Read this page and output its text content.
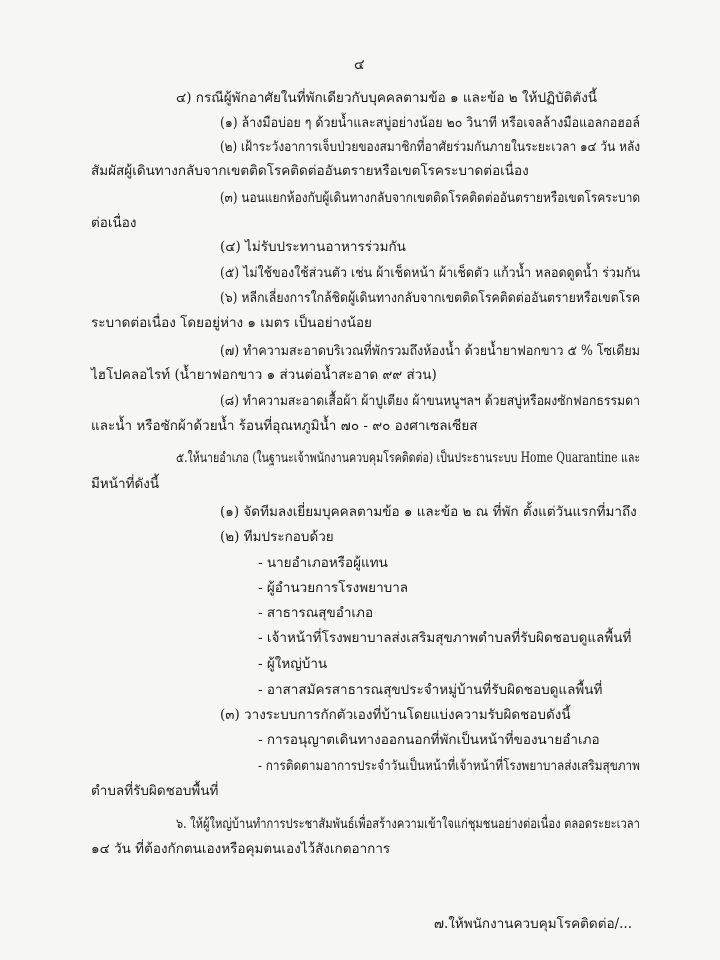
๔
๔) กรณีผู้พักอาศัยในที่พักเดียวกับบุคคลตามข้อ ๑ และข้อ ๒ ให้ปฏิบัติตังนี้
(๑) ล้างมือบ่อย ๆ ด้วยน้ำและสบู่อย่างน้อย ๒๐ วินาที หรือเจลล้างมือแอลกอฮอล์
(๒) เฝ้าระวังอาการเจ็บป่วยของสมาชิกที่อาศัยร่วมกันภายในระยะเวลา ๑๔ วัน หลัง
สัมผัสผู้เดินทางกลับจากเขตติดโรคติดต่ออันตรายหรือเขตโรคระบาดต่อเนื่อง
(๓) นอนแยกห้องกับผู้เดินทางกลับจากเขตติดโรคติดต่ออันตรายหรือเขตโรคระบาด
ต่อเนื่อง
(๔) ไม่รับประทานอาหารร่วมกัน
(๕) ไม่ใช้ของใช้ส่วนตัว เช่น ผ้าเช็ดหน้า ผ้าเช็ดตัว แก้วน้ำ หลอดดูดน้ำ ร่วมกัน
(๖) หลีกเลี่ยงการใกล้ชิดผู้เดินทางกลับจากเขตติดโรคติดต่ออันตรายหรือเขตโรค
ระบาดต่อเนื่อง โดยอยู่ห่าง ๑ เมตร เป็นอย่างน้อย
(๗) ทำความสะอาดบริเวณที่พักรวมถึงห้องน้ำ ด้วยน้ำยาฟอกขาว ๕ % โซเดียม
ไฮโปคลอไรท์ (น้ำยาฟอกขาว ๑ ส่วนต่อน้ำสะอาด ๙๙ ส่วน)
(๘) ทำความสะอาดเสื้อผ้า ผ้าปูเตียง ผ้าขนหนูฯลฯ ด้วยสบู่หรือผงซักฟอกธรรมดา
และน้ำ หรือซักผ้าด้วยน้ำ ร้อนที่อุณหภูมิน้ำ ๗๐ - ๙๐ องศาเซลเซียส
๕.ให้นายอำเภอ (ในฐานะเจ้าพนักงานควบคุมโรคติดต่อ) เป็นประธานระบบ Home Quarantine และ
มีหน้าที่ดังนี้
(๑) จัดทีมลงเยี่ยมบุคคลตามข้อ ๑ และข้อ ๒ ณ ที่พัก ตั้งแต่วันแรกที่มาถึง
(๒) ทีมประกอบด้วย
- นายอำเภอหรือผู้แทน
- ผู้อำนวยการโรงพยาบาล
- สาธารณสุขอำเภอ
- เจ้าหน้าที่โรงพยาบาลส่งเสริมสุขภาพตำบลที่รับผิดชอบดูแลพื้นที่
- ผู้ใหญ่บ้าน
- อาสาสมัครสาธารณสุขประจำหมู่บ้านที่รับผิดชอบดูแลพื้นที่
(๓) วางระบบการกักตัวเองที่บ้านโดยแบ่งความรับผิดชอบดังนี้
- การอนุญาตเดินทางออกนอกที่พักเป็นหน้าที่ของนายอำเภอ
- การติดตามอาการประจำวันเป็นหน้าที่เจ้าหน้าที่โรงพยาบาลส่งเสริมสุขภาพ
ตำบลที่รับผิดชอบพื้นที่
๖. ให้ผู้ใหญ่บ้านทำการประชาสัมพันธ์เพื่อสร้างความเข้าใจแก่ชุมชนอย่างต่อเนื่อง ตลอดระยะเวลา
๑๔ วัน ที่ต้องกักตนเองหรือคุมตนเองไว้สังเกตอาการ
๗.ให้พนักงานควบคุมโรคติดต่อ/...
